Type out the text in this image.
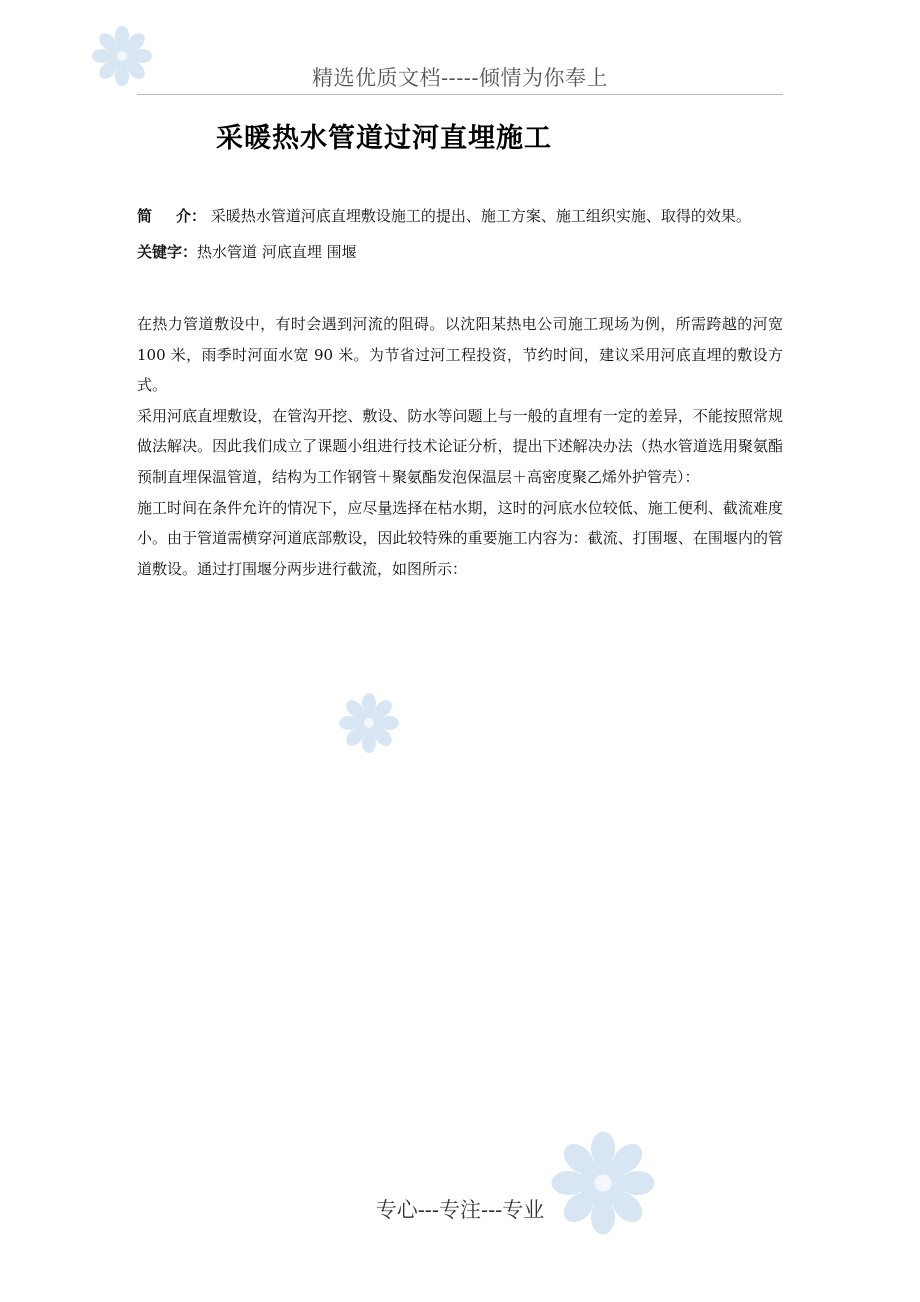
精选优质文档-----倾情为你奉上
采暖热水管道过河直埋施工
简 介： 采暖热水管道河底直埋敷设施工的提出、施工方案、施工组织实施、取得的效果。
关键字：热水管道 河底直埋 围堰

在热力管道敷设中，有时会遇到河流的阻碍。以沈阳某热电公司施工现场为例，所需跨越的河宽 100 米，雨季时河面水宽 90 米。为节省过河工程投资，节约时间，建议采用河底直埋的敷设方式。

采用河底直埋敷设，在管沟开挖、敷设、防水等问题上与一般的直埋有一定的差异，不能按照常规做法解决。因此我们成立了课题小组进行技术论证分析，提出下述解决办法（热水管道选用聚氨酯预制直埋保温管道，结构为工作钢管＋聚氨酯发泡保温层＋高密度聚乙烯外护管壳）：

施工时间在条件允许的情况下，应尽量选择在枯水期，这时的河底水位较低、施工便利、截流难度小。由于管道需横穿河道底部敷设，因此较特殊的重要施工内容为：截流、打围堰、在围堰内的管道敷设。通过打围堰分两步进行截流，如图所示：

专心---专注---专业
